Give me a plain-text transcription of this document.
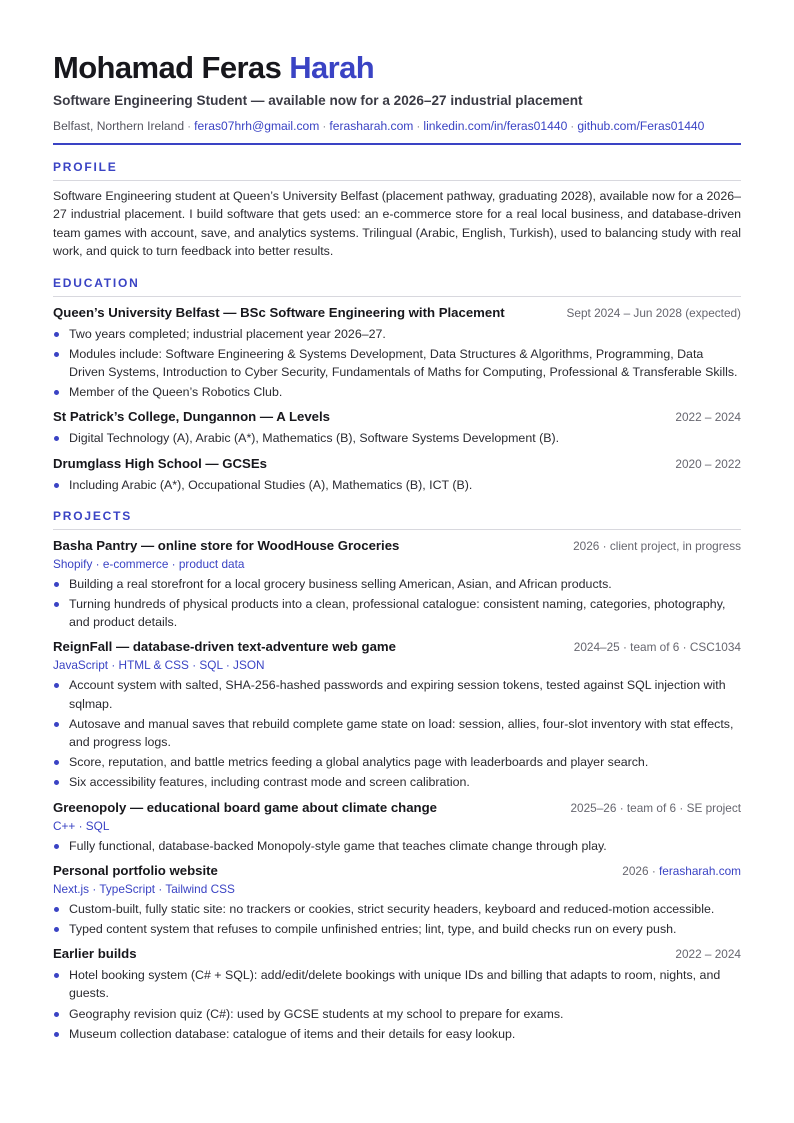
Mohamad Feras Harah
Software Engineering Student — available now for a 2026–27 industrial placement
Belfast, Northern Ireland · feras07hrh@gmail.com · ferasharah.com · linkedin.com/in/feras01440 · github.com/Feras01440
PROFILE

Software Engineering student at Queen’s University Belfast (placement pathway, graduating 2028), available now for a 2026–27 industrial placement. I build software that gets used: an e-commerce store for a real local business, and database-driven team games with account, save, and analytics systems. Trilingual (Arabic, English, Turkish), used to balancing study with real work, and quick to turn feedback into better results.

EDUCATION
Queen’s University Belfast — BSc Software Engineering with Placement	Sept 2024 – Jun 2028 (expected)
Two years completed; industrial placement year 2026–27.
Modules include: Software Engineering & Systems Development, Data Structures & Algorithms, Programming, Data Driven Systems, Introduction to Cyber Security, Fundamentals of Maths for Computing, Professional & Transferable Skills.
Member of the Queen’s Robotics Club.
St Patrick’s College, Dungannon — A Levels	2022 – 2024
Digital Technology (A), Arabic (A*), Mathematics (B), Software Systems Development (B).
Drumglass High School — GCSEs	2020 – 2022
Including Arabic (A*), Occupational Studies (A), Mathematics (B), ICT (B).
PROJECTS
Basha Pantry — online store for WoodHouse Groceries	2026 · client project, in progress
Shopify · e-commerce · product data
Building a real storefront for a local grocery business selling American, Asian, and African products.
Turning hundreds of physical products into a clean, professional catalogue: consistent naming, categories, photography, and product details.
ReignFall — database-driven text-adventure web game	2024–25 · team of 6 · CSC1034
JavaScript · HTML & CSS · SQL · JSON
Account system with salted, SHA-256-hashed passwords and expiring session tokens, tested against SQL injection with sqlmap.
Autosave and manual saves that rebuild complete game state on load: session, allies, four-slot inventory with stat effects, and progress logs.
Score, reputation, and battle metrics feeding a global analytics page with leaderboards and player search.
Six accessibility features, including contrast mode and screen calibration.
Greenopoly — educational board game about climate change	2025–26 · team of 6 · SE project
C++ · SQL
Fully functional, database-backed Monopoly-style game that teaches climate change through play.
Personal portfolio website	2026 · ferasharah.com
Next.js · TypeScript · Tailwind CSS
Custom-built, fully static site: no trackers or cookies, strict security headers, keyboard and reduced-motion accessible.
Typed content system that refuses to compile unfinished entries; lint, type, and build checks run on every push.
Earlier builds	2022 – 2024
Hotel booking system (C# + SQL): add/edit/delete bookings with unique IDs and billing that adapts to room, nights, and guests.
Geography revision quiz (C#): used by GCSE students at my school to prepare for exams.
Museum collection database: catalogue of items and their details for easy lookup.
